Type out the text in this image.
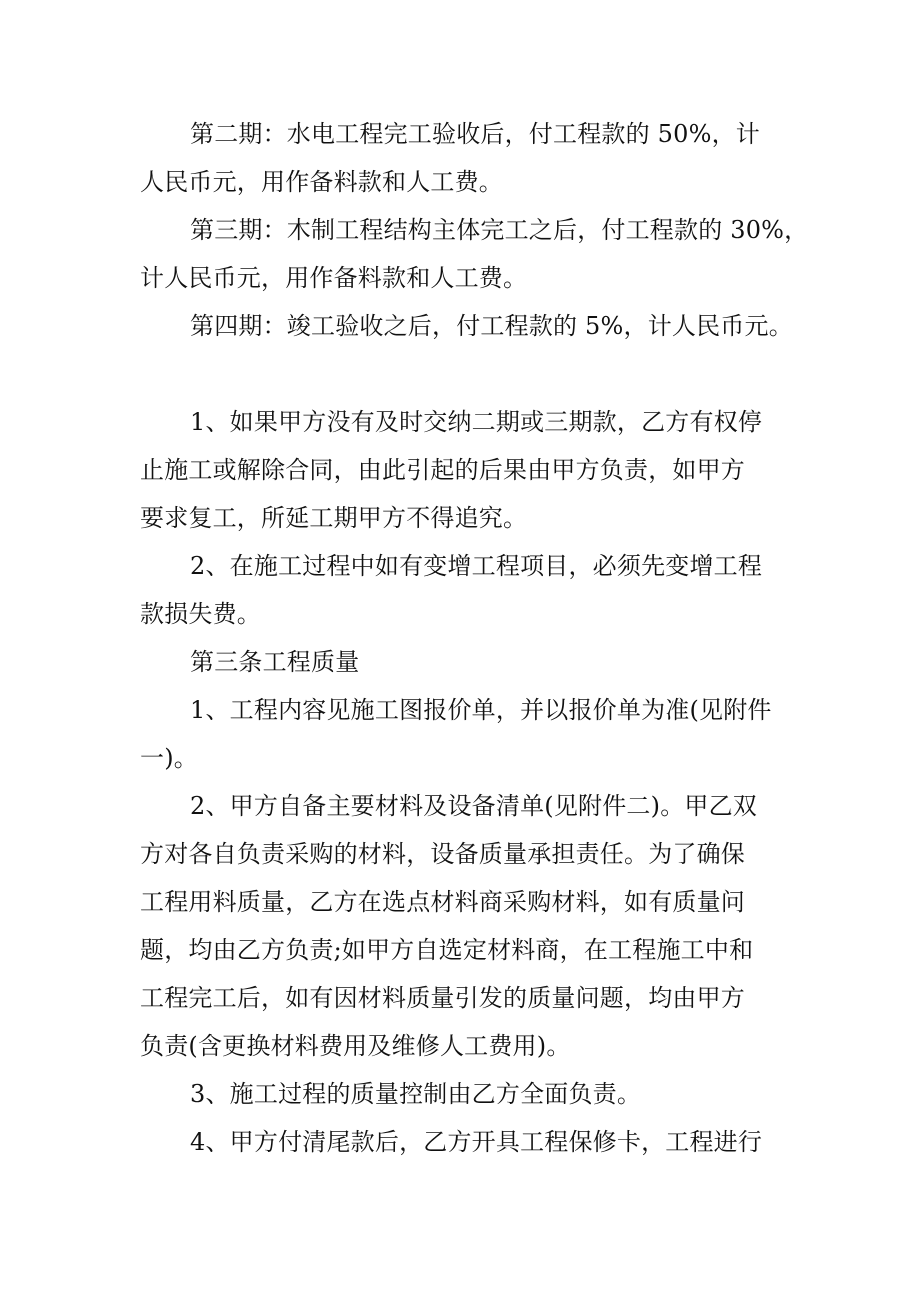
第二期：水电工程完工验收后，付工程款的 50%，计
人民币元，用作备料款和人工费。
第三期：木制工程结构主体完工之后，付工程款的 30%，
计人民币元，用作备料款和人工费。
第四期：竣工验收之后，付工程款的 5%，计人民币元。
1、如果甲方没有及时交纳二期或三期款，乙方有权停
止施工或解除合同，由此引起的后果由甲方负责，如甲方
要求复工，所延工期甲方不得追究。
2、在施工过程中如有变增工程项目，必须先变增工程
款损失费。
第三条工程质量
1、工程内容见施工图报价单，并以报价单为准(见附件
一)。
2、甲方自备主要材料及设备清单(见附件二)。甲乙双
方对各自负责采购的材料，设备质量承担责任。为了确保
工程用料质量，乙方在选点材料商采购材料，如有质量问
题，均由乙方负责;如甲方自选定材料商，在工程施工中和
工程完工后，如有因材料质量引发的质量问题，均由甲方
负责(含更换材料费用及维修人工费用)。
3、施工过程的质量控制由乙方全面负责。
4、甲方付清尾款后，乙方开具工程保修卡，工程进行
